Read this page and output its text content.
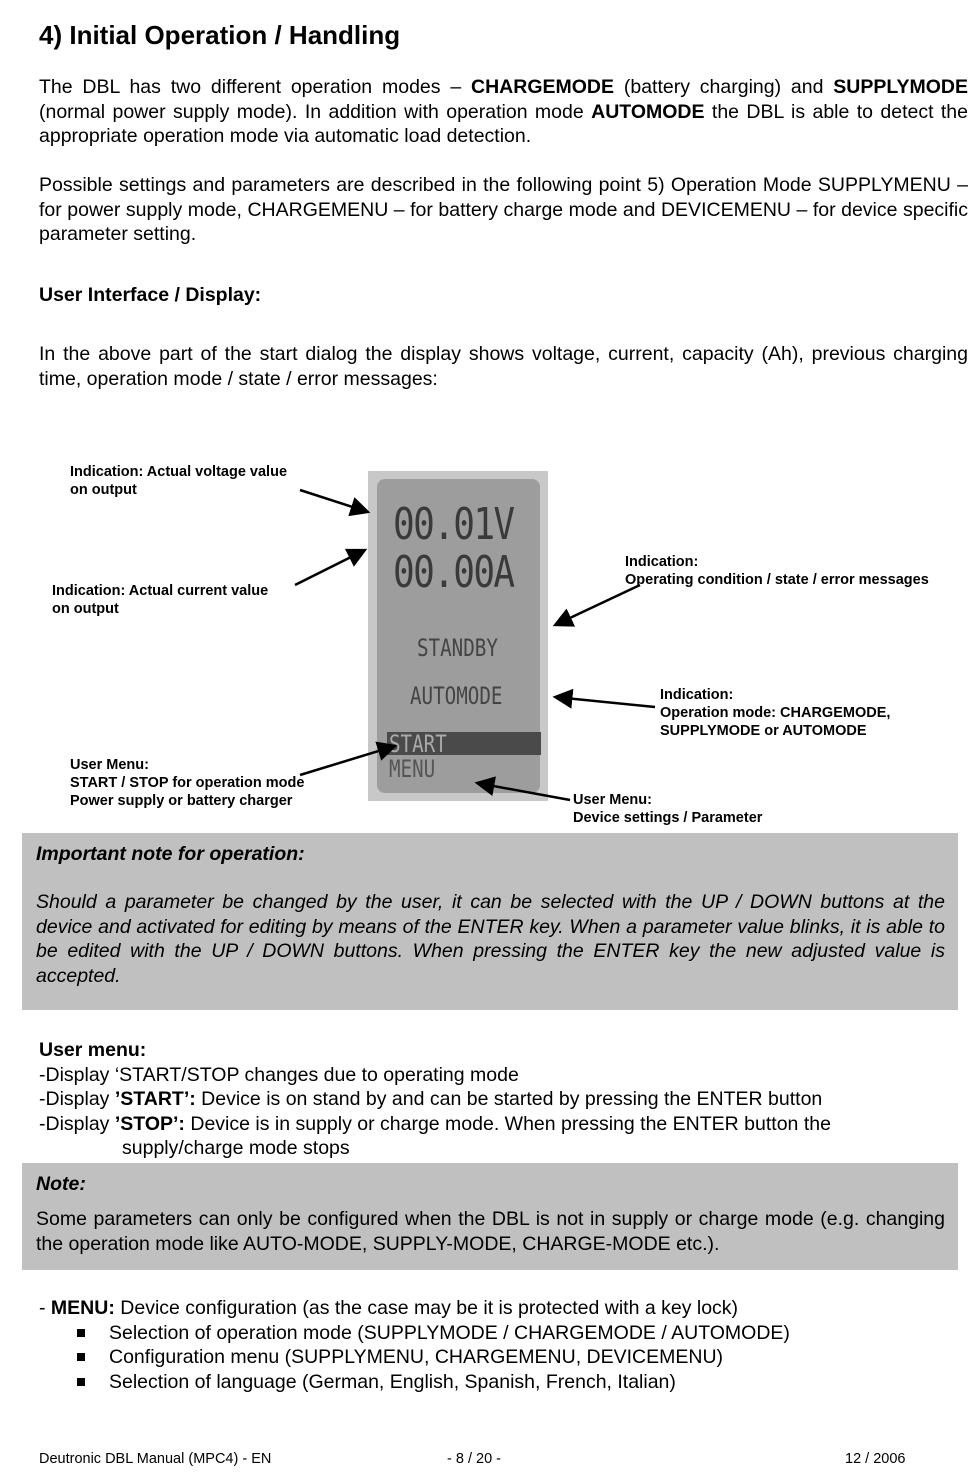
4) Initial Operation / Handling
The DBL has two different operation modes – CHARGEMODE (battery charging) and SUPPLYMODE (normal power supply mode). In addition with operation mode AUTOMODE the DBL is able to detect the appropriate operation mode via automatic load detection.
Possible settings and parameters are described in the following point 5) Operation Mode SUPPLYMENU – for power supply mode, CHARGEMENU – for battery charge mode and DEVICEMENU – for device specific parameter setting.
User Interface / Display:
In the above part of the start dialog the display shows voltage, current, capacity (Ah), previous charging time, operation mode / state / error messages:
Indication: Actual voltage value
on output
Indication: Actual current value
on output
Indication:
Operating condition / state / error messages
Indication:
Operation mode: CHARGEMODE,
SUPPLYMODE or AUTOMODE
User Menu:
START / STOP for operation mode
Power supply or battery charger	User Menu:
Device settings / Parameter
00.01V
00.00A
STANDBY
AUTOMODE
START
MENU
Important note for operation:
Should a parameter be changed by the user, it can be selected with the UP / DOWN buttons at the device and activated for editing by means of the ENTER key. When a parameter value blinks, it is able to be edited with the UP / DOWN buttons. When pressing the ENTER key the new adjusted value is accepted.
User menu:
-Display ‘START/STOP changes due to operating mode
-Display ’START’: Device is on stand by and can be started by pressing the ENTER button
-Display ’STOP’: Device is in supply or charge mode. When pressing the ENTER button the
supply/charge mode stops
Note:
Some parameters can only be configured when the DBL is not in supply or charge mode (e.g. changing the operation mode like AUTO-MODE, SUPPLY-MODE, CHARGE-MODE etc.).
- MENU: Device configuration (as the case may be it is protected with a key lock)
Selection of operation mode (SUPPLYMODE / CHARGEMODE / AUTOMODE)
Configuration menu (SUPPLYMENU, CHARGEMENU, DEVICEMENU)
Selection of language (German, English, Spanish, French, Italian)
Deutronic DBL Manual (MPC4) - EN	- 8 / 20 -	12 / 2006
